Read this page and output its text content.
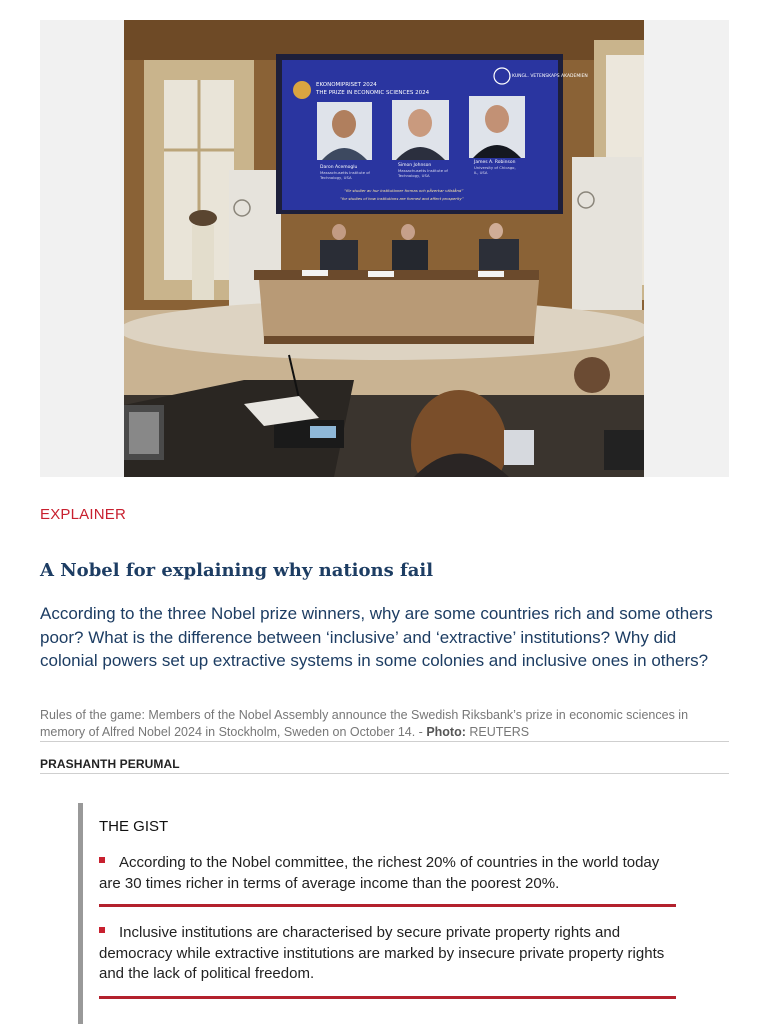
EKONOMIPRISET 2024
THE PRIZE IN ECONOMIC SCIENCES 2024
KUNGL. VETENSKAPS AKADEMIEN
Daron Acemoglu
Massachusetts Institute of
Technology, USA
Simon Johnson
Massachusetts Institute of
Technology, USA
James A. Robinson
University of Chicago,
IL, USA
“för studier av hur institutioner formas och påverkar välstånd”
“for studies of how institutions are formed and affect prosperity”
EXPLAINER
A Nobel for explaining why nations fail
According to the three Nobel prize winners, why are some countries rich and some others poor? What is the difference between ‘inclusive’ and ‘extractive’ institutions? Why did colonial powers set up extractive systems in some colonies and inclusive ones in others?
Rules of the game: Members of the Nobel Assembly announce the Swedish Riksbank’s prize in economic sciences in memory of Alfred Nobel 2024 in Stockholm, Sweden on October 14. - Photo: REUTERS
PRASHANTH PERUMAL
THE GIST
According to the Nobel committee, the richest 20% of countries in the world today are 30 times richer in terms of average income than the poorest 20%.
Inclusive institutions are characterised by secure private property rights and democracy while extractive institutions are marked by insecure private property rights and the lack of political freedom.
